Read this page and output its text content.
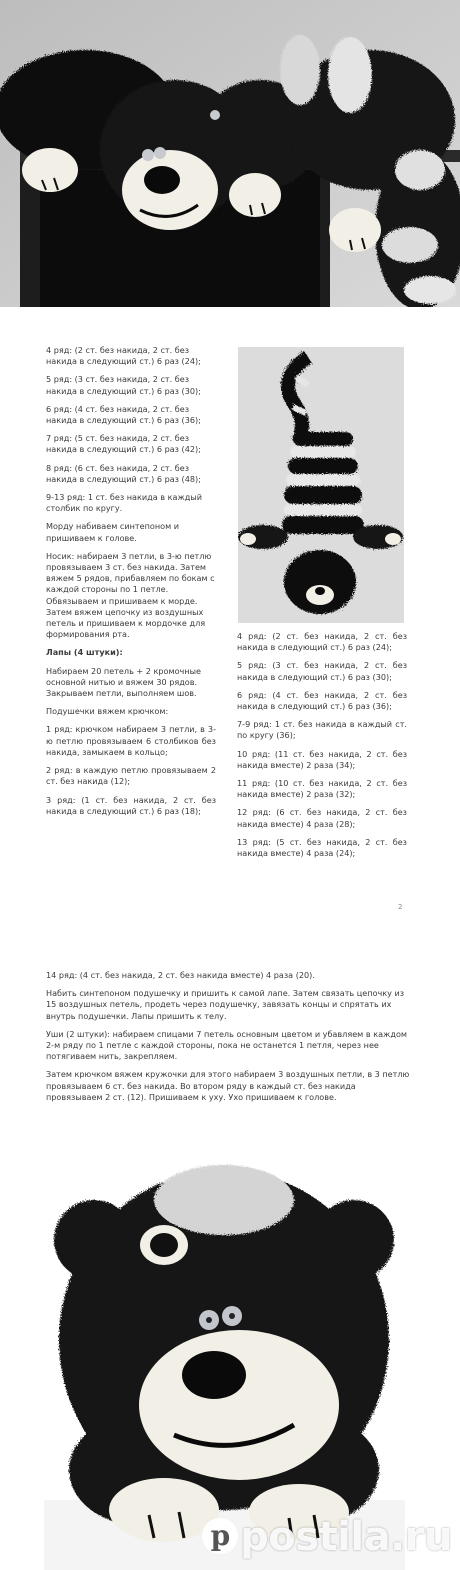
4 ряд: (2 ст. без накида, 2 ст. без накида в следующий ст.) 6 раз (24);

5 ряд: (3 ст. без накида, 2 ст. без накида в следующий ст.) 6 раз (30);

6 ряд: (4 ст. без накида, 2 ст. без накида в следующий ст.) 6 раз (36);

7 ряд: (5 ст. без накида, 2 ст. без накида в следующий ст.) 6 раз (42);

8 ряд: (6 ст. без накида, 2 ст. без накида в следующий ст.) 6 раз (48);

9-13 ряд: 1 ст. без накида в каждый столбик по кругу.

Морду набиваем синтепоном и пришиваем к голове.

Носик: набираем 3 петли, в 3-ю петлю провязываем 3 ст. без накида. Затем вяжем 5 рядов, прибавляем по бокам с каждой стороны по 1 петле. Обвязываем и пришиваем к морде. Затем вяжем цепочку из воздушных петель и пришиваем к мордочке для формирования рта.

Лапы (4 штуки):

Набираем 20 петель + 2 кромочные основной нитью и вяжем 30 рядов. Закрываем петли, выполняем шов.

Подушечки вяжем крючком:

1 ряд: крючком набираем 3 петли, в 3-ю петлю провязываем 6 столбиков без накида, замыкаем в кольцо;

2 ряд: в каждую петлю провязываем 2 ст. без накида (12);

3 ряд: (1 ст. без накида, 2 ст. без накида в следующий ст.) 6 раз (18);

4 ряд: (2 ст. без накида, 2 ст. без накида в следующий ст.) 6 раз (24);

5 ряд: (3 ст. без накида, 2 ст. без накида в следующий ст.) 6 раз (30);

6 ряд: (4 ст. без накида, 2 ст. без накида в следующий ст.) 6 раз (36);

7-9 ряд: 1 ст. без накида в каждый ст. по кругу (36);

10 ряд: (11 ст. без накида, 2 ст. без накида вместе) 2 раза (34);

11 ряд: (10 ст. без накида, 2 ст. без накида вместе) 2 раза (32);

12 ряд: (6 ст. без накида, 2 ст. без накида вместе) 4 раза (28);

13 ряд: (5 ст. без накида, 2 ст. без накида вместе) 4 раза (24);

2

14 ряд: (4 ст. без накида, 2 ст. без накида вместе) 4 раза (20).

Набить синтепоном подушечку и пришить к самой лапе. Затем связать цепочку из 15 воздушных петель, продеть через подушечку, завязать концы и спрятать их внутрь подушечки. Лапы пришить к телу.

Уши (2 штуки): набираем спицами 7 петель основным цветом и убавляем в каждом 2-м ряду по 1 петле с каждой стороны, пока не останется 1 петля, через нее потягиваем нить, закрепляем.

Затем крючком вяжем кружочки для этого набираем 3 воздушных петли, в 3 петлю провязываем 6 ст. без накида. Во втором ряду в каждый ст. без накида провязываем 2 ст. (12). Пришиваем к уху. Ухо пришиваем к голове.

p postila.ru
